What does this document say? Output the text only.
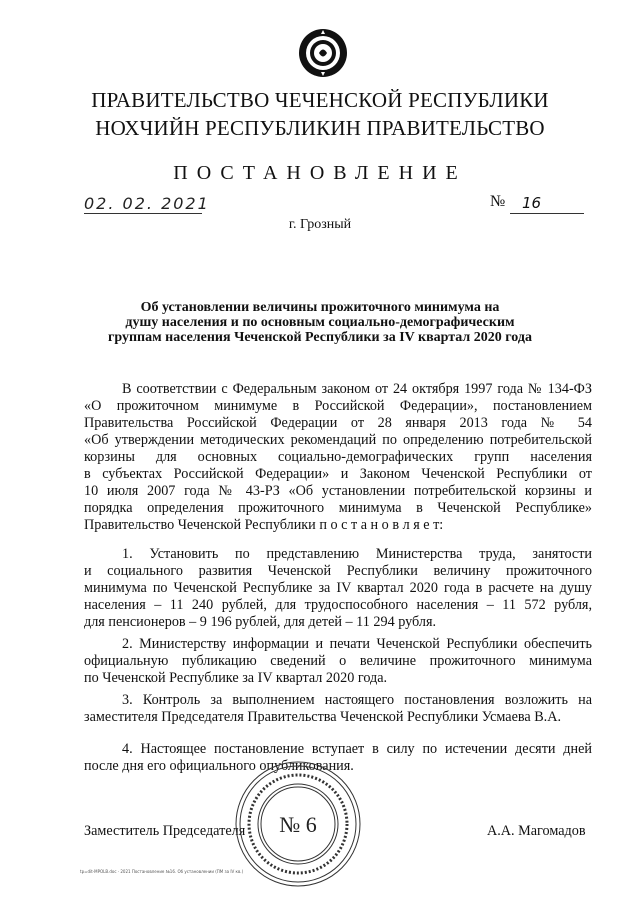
ПРАВИТЕЛЬСТВО ЧЕЧЕНСКОЙ РЕСПУБЛИКИ
НОХЧИЙН РЕСПУБЛИКИН ПРАВИТЕЛЬСТВО
ПОСТАНОВЛЕНИЕ
02. 02. 2021	№ 16
г. Грозный
Об установлении величины прожиточного минимума на
душу населения и по основным социально-демографическим
группам населения Чеченской Республики за IV квартал 2020 года
В соответствии с Федеральным законом от 24 октября 1997 года № 134-ФЗ
«О прожиточном минимуме в Российской Федерации», постановлением
Правительства Российской Федерации от 28 января 2013 года № 54
«Об утверждении методических рекомендаций по определению потребительской
корзины для основных социально-демографических групп населения
в субъектах Российской Федерации» и Законом Чеченской Республики от
10 июля 2007 года № 43-РЗ «Об установлении потребительской корзины и
порядка определения прожиточного минимума в Чеченской Республике»
Правительство Чеченской Республики п о с т а н о в л я е т:
1. Установить по представлению Министерства труда, занятости
и социального развития Чеченской Республики величину прожиточного
минимума по Чеченской Республике за IV квартал 2020 года в расчете на душу
населения – 11 240 рублей, для трудоспособного населения – 11 572 рубля,
для пенсионеров – 9 196 рублей, для детей – 11 294 рубля.
2. Министерству информации и печати Чеченской Республики обеспечить
официальную публикацию сведений о величине прожиточного минимума
по Чеченской Республике за IV квартал 2020 года.
3. Контроль за выполнением настоящего постановления возложить на
заместителя Председателя Правительства Чеченской Республики Усмаева В.А.
4. Настоящее постановление вступает в силу по истечении десяти дней
после дня его официального опубликования.
Заместитель Председателя	А.А. Магомадов
№ 6
tp=dit-MPOLB.doc · 2021 Постановление №16. Об установлении (ПМ за IV кв.)
